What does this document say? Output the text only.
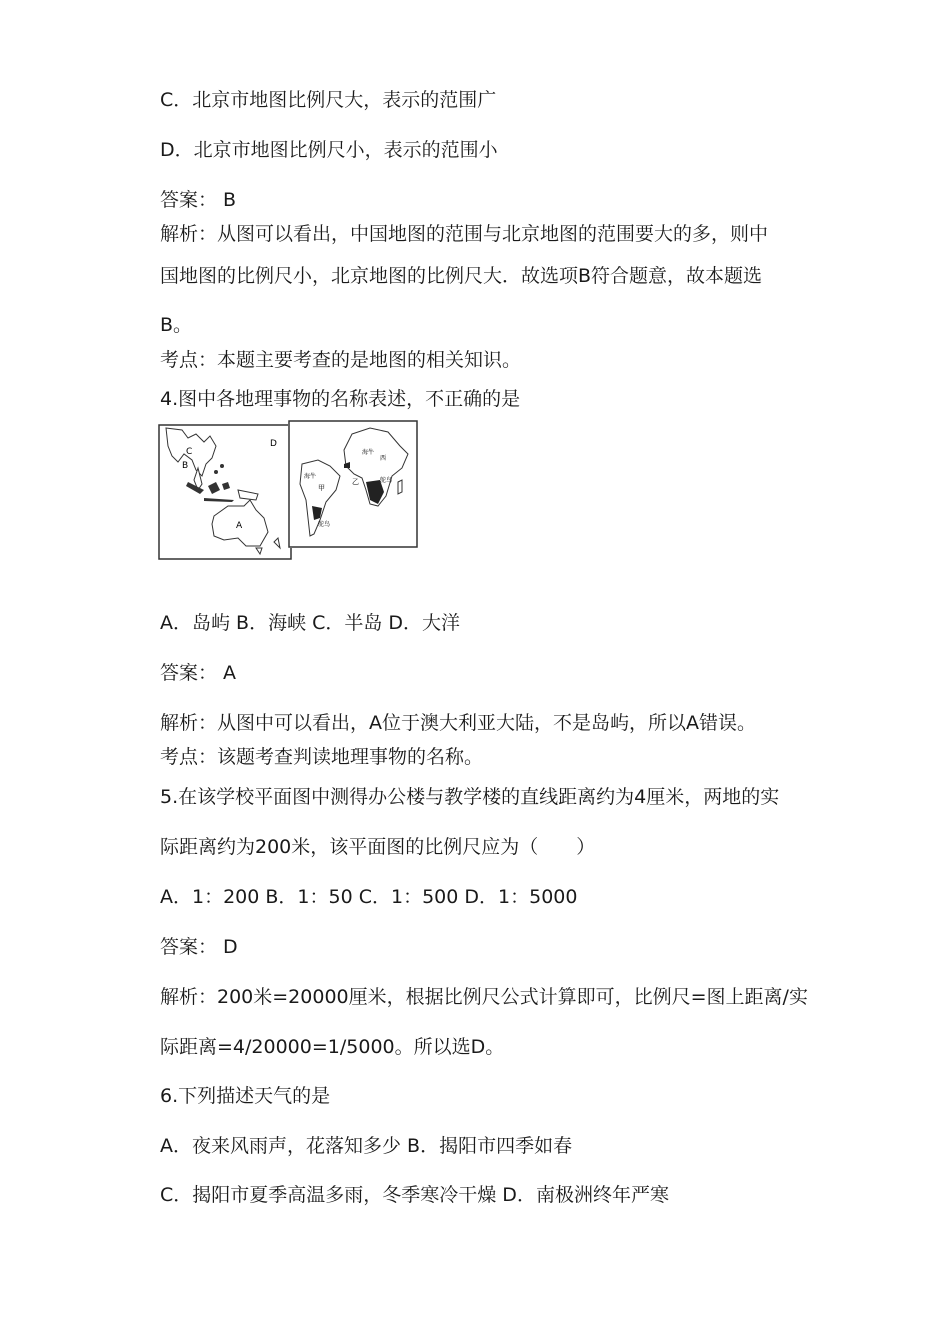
C．北京市地图比例尺大，表示的范围广
D．北京市地图比例尺小，表示的范围小
答案： B
解析：从图可以看出，中国地图的范围与北京地图的范围要大的多，则中
国地图的比例尺小，北京地图的比例尺大．故选项B符合题意，故本题选
B。
考点：本题主要考查的是地图的相关知识。
4.图中各地理事物的名称表述，不正确的是
C
B
D
A
海牛
西
甲
乙	鸵鸟
海牛
鸵鸟
A．岛屿 B．海峡 C．半岛 D．大洋
答案： A
解析：从图中可以看出，A位于澳大利亚大陆，不是岛屿，所以A错误。
考点：该题考查判读地理事物的名称。
5.在该学校平面图中测得办公楼与教学楼的直线距离约为4厘米，两地的实
际距离约为200米，该平面图的比例尺应为（　　）
A．1：200 B．1：50 C．1：500 D．1：5000
答案： D
解析：200米=20000厘米，根据比例尺公式计算即可，比例尺=图上距离/实
际距离=4/20000=1/5000。所以选D。
6.下列描述天气的是
A．夜来风雨声，花落知多少 B．揭阳市四季如春
C．揭阳市夏季高温多雨，冬季寒冷干燥 D．南极洲终年严寒
